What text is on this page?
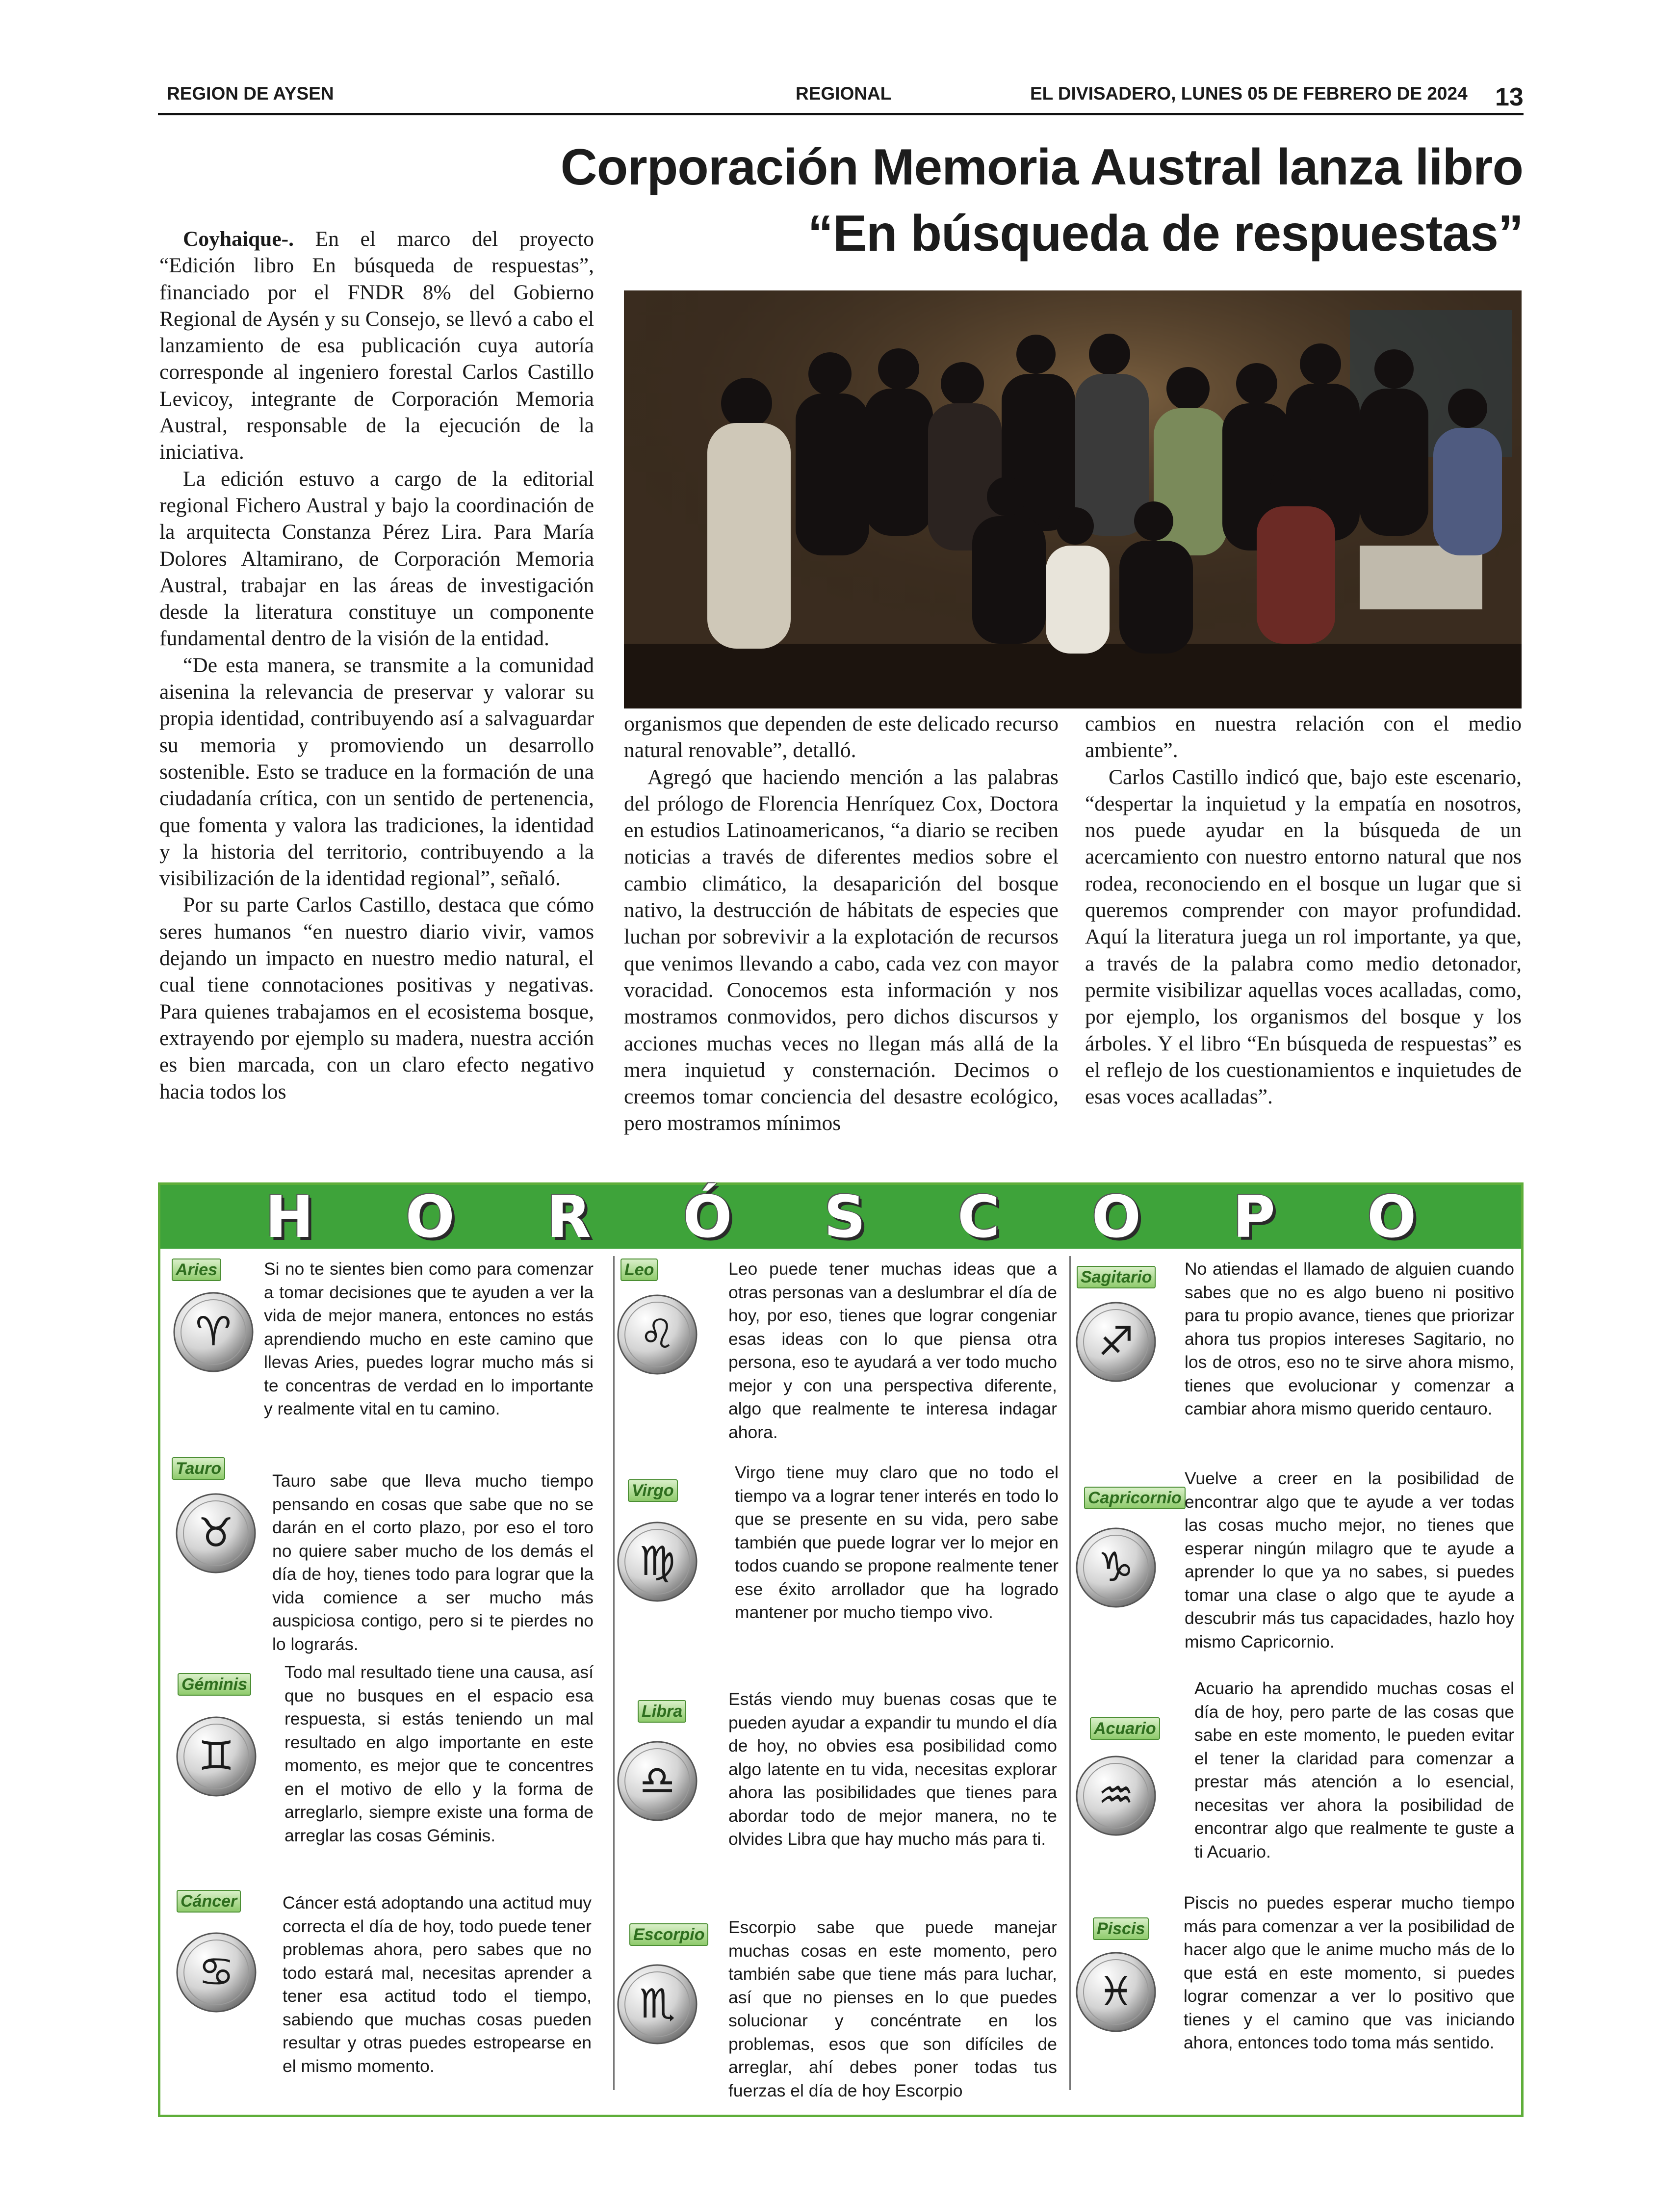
REGION DE AYSEN	REGIONAL	EL DIVISADERO, LUNES 05 DE FEBRERO DE 2024 13
Corporación Memoria Austral lanza libro
“En búsqueda de respuestas”

Coyhaique-. En el marco del proyecto “Edición libro En búsqueda de respuestas”, financiado por el FNDR 8% del Gobierno Regional de Aysén y su Consejo, se llevó a cabo el lanzamiento de esa publicación cuya autoría corresponde al ingeniero forestal Carlos Castillo Levicoy, integrante de Corporación Memoria Austral, responsable de la ejecución de la iniciativa.

La edición estuvo a cargo de la editorial regional Fichero Austral y bajo la coordinación de la arquitecta Constanza Pérez Lira. Para María Dolores Altamirano, de Corporación Memoria Austral, trabajar en las áreas de investigación desde la literatura constituye un componente fundamental dentro de la visión de la entidad.

“De esta manera, se transmite a la comunidad aisenina la relevancia de preservar y valorar su propia identidad, contribuyendo así a salvaguardar su memoria y promoviendo un desarrollo sostenible. Esto se traduce en la formación de una ciudadanía crítica, con un sentido de pertenencia, que fomenta y valora las tradiciones, la identidad y la historia del territorio, contribuyendo a la visibilización de la identidad regional”, señaló.

Por su parte Carlos Castillo, destaca que cómo seres humanos “en nuestro diario vivir, vamos dejando un impacto en nuestro medio natural, el cual tiene connotaciones positivas y negativas. Para quienes trabajamos en el ecosistema bosque, extrayendo por ejemplo su madera, nuestra acción es bien marcada, con un claro efecto negativo hacia todos los

organismos que dependen de este delicado recurso natural renovable”, detalló.

Agregó que haciendo mención a las palabras del prólogo de Florencia Henríquez Cox, Doctora en estudios Latinoamericanos, “a diario se reciben noticias a través de diferentes medios sobre el cambio climático, la desaparición del bosque nativo, la destrucción de hábitats de especies que luchan por sobrevivir a la explotación de recursos que venimos llevando a cabo, cada vez con mayor voracidad. Conocemos esta información y nos mostramos conmovidos, pero dichos discursos y acciones muchas veces no llegan más allá de la mera inquietud y consternación. Decimos o creemos tomar conciencia del desastre ecológico, pero mostramos mínimos

cambios en nuestra relación con el medio ambiente”.

Carlos Castillo indicó que, bajo este escenario, “despertar la inquietud y la empatía en nosotros, nos puede ayudar en la búsqueda de un acercamiento con nuestro entorno natural que nos rodea, reconociendo en el bosque un lugar que si queremos comprender con mayor profundidad. Aquí la literatura juega un rol importante, ya que, a través de la palabra como medio detonador, permite visibilizar aquellas voces acalladas, como, por ejemplo, los organismos del bosque y los árboles. Y el libro “En búsqueda de respuestas” es el reflejo de los cuestionamientos e inquietudes de esas voces acalladas”.

H O R Ó S C O P O
Aries
♈
Si no te sientes bien como para comenzar a tomar decisiones que te ayuden a ver la vida de mejor manera, entonces no estás aprendiendo mucho en este camino que llevas Aries, puedes lograr mucho más si te concentras de verdad en lo importante y realmente vital en tu camino.
Tauro
♉
Tauro sabe que lleva mucho tiempo pensando en cosas que sabe que no se darán en el corto plazo, por eso el toro no quiere saber mucho de los demás el día de hoy, tienes todo para lograr que la vida comience a ser mucho más auspiciosa contigo, pero si te pierdes no lo lograrás.
Géminis
♊
Todo mal resultado tiene una causa, así que no busques en el espacio esa respuesta, si estás teniendo un mal resultado en algo importante en este momento, es mejor que te concentres en el motivo de ello y la forma de arreglarlo, siempre existe una forma de arreglar las cosas Géminis.
Cáncer
♋
Cáncer está adoptando una actitud muy correcta el día de hoy, todo puede tener problemas ahora, pero sabes que no todo estará mal, necesitas aprender a tener esa actitud todo el tiempo, sabiendo que muchas cosas pueden resultar y otras puedes estropearse en el mismo momento.
Leo
♌
Leo puede tener muchas ideas que a otras personas van a deslumbrar el día de hoy, por eso, tienes que lograr congeniar esas ideas con lo que piensa otra persona, eso te ayudará a ver todo mucho mejor y con una perspectiva diferente, algo que realmente te interesa indagar ahora.
Virgo
♍
Virgo tiene muy claro que no todo el tiempo va a lograr tener interés en todo lo que se presente en su vida, pero sabe también que puede lograr ver lo mejor en todos cuando se propone realmente tener ese éxito arrollador que ha logrado mantener por mucho tiempo vivo.
Libra
♎
Estás viendo muy buenas cosas que te pueden ayudar a expandir tu mundo el día de hoy, no obvies esa posibilidad como algo latente en tu vida, necesitas explorar ahora las posibilidades que tienes para abordar todo de mejor manera, no te olvides Libra que hay mucho más para ti.
Escorpio
♏
Escorpio sabe que puede manejar muchas cosas en este momento, pero también sabe que tiene más para luchar, así que no pienses en lo que puedes solucionar y concéntrate en los problemas, esos que son difíciles de arreglar, ahí debes poner todas tus fuerzas el día de hoy Escorpio
Sagitario
♐
No atiendas el llamado de alguien cuando sabes que no es algo bueno ni positivo para tu propio avance, tienes que priorizar ahora tus propios intereses Sagitario, no los de otros, eso no te sirve ahora mismo, tienes que evolucionar y comenzar a cambiar ahora mismo querido centauro.
Capricornio
♑
Vuelve a creer en la posibilidad de encontrar algo que te ayude a ver todas las cosas mucho mejor, no tienes que esperar ningún milagro que te ayude a aprender lo que ya no sabes, si puedes tomar una clase o algo que te ayude a descubrir más tus capacidades, hazlo hoy mismo Capricornio.
Acuario
♒
Acuario ha aprendido muchas cosas el día de hoy, pero parte de las cosas que sabe en este momento, le pueden evitar el tener la claridad para comenzar a prestar más atención a lo esencial, necesitas ver ahora la posibilidad de encontrar algo que realmente te guste a ti Acuario.
Piscis
♓
Piscis no puedes esperar mucho tiempo más para comenzar a ver la posibilidad de hacer algo que le anime mucho más de lo que está en este momento, si puedes lograr comenzar a ver lo positivo que tienes y el camino que vas iniciando ahora, entonces todo toma más sentido.
